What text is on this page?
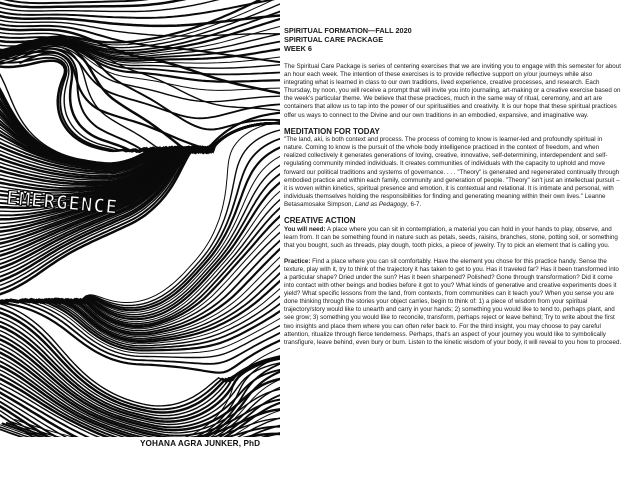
EMERGENCE
YOHANA AGRA JUNKER, PhD
SPIRITUAL FORMATION—FALL 2020
SPIRITUAL CARE PACKAGE
WEEK 6

The Spiritual Care Package is series of centering exercises that we are inviting you to engage with this semester for about an hour each week. The intention of these exercises is to provide reflective support on y/our journeys while also integrating what is learned in class to our own traditions, lived experience, creative processes, and research. Each Thursday, by noon, you will receive a prompt that will invite you into journaling, art-making or a creative exercise based on the week's particular theme. We believe that these practices, much in the same way of ritual, ceremony, and art are containers that allow us to tap into the power of our spiritualities and creativity. It is our hope that these spiritual practices offer us ways to connect to the Divine and our own traditions in an embodied, expansive, and imaginative way.

MEDITATION FOR TODAY

"The land, aki, is both context and process. The process of coming to know is learner-led and profoundly spiritual in nature. Coming to know is the pursuit of the whole body intelligence practiced in the context of freedom, and when realized collectively it generates generations of loving, creative, innovative, self-determining, interdependent and self-regulating community minded individuals. It creates communities of individuals with the capacity to uphold and move forward our political traditions and systems of governance. . . . "Theory" is generated and regenerated continually through embodied practice and within each family, community and generation of people. "Theory" isn't just an intellectual pursuit – it is woven within kinetics, spiritual presence and emotion, it is contextual and relational. It is intimate and personal, with individuals themselves holding the responsibilities for finding and generating meaning within their own lives." Leanne Betasamosake Simpson, Land as Pedagogy, 6-7.

CREATIVE ACTION

You will need: A place where you can sit in contemplation, a material you can hold in your hands to play, observe, and learn from. It can be something found in nature such as petals, seeds, raisins, branches, stone, potting soil, or something that you bought, such as threads, play dough, tooth picks, a piece of jewelry. Try to pick an element that is calling you.

Practice: Find a place where you can sit comfortably. Have the element you chose for this practice handy. Sense the texture, play with it, try to think of the trajectory it has taken to get to you. Has it traveled far? Has it been transformed into a particular shape? Dried under the sun? Has it been sharpened? Polished? Gone through transformation? Did it come into contact with other beings and bodies before it got to you? What kinds of generative and creative experiments does it yield? What specific lessons from the land, from contexts, from communities can it teach you? When you sense you are done thinking through the stories your object carries, begin to think of: 1) a piece of wisdom from your spiritual trajectory/story would like to unearth and carry in your hands; 2) something you would like to tend to, perhaps plant, and see grow; 3) something you would like to reconcile, transform, perhaps reject or leave behind; Try to write about the first two insights and place them where you can often refer back to. For the third insight, you may choose to pay careful attention, ritualize through fierce tenderness. Perhaps, that's an aspect of your journey you would like to symbolically transfigure, leave behind, even bury or burn. Listen to the kinetic wisdom of your body, it will reveal to you how to proceed.
